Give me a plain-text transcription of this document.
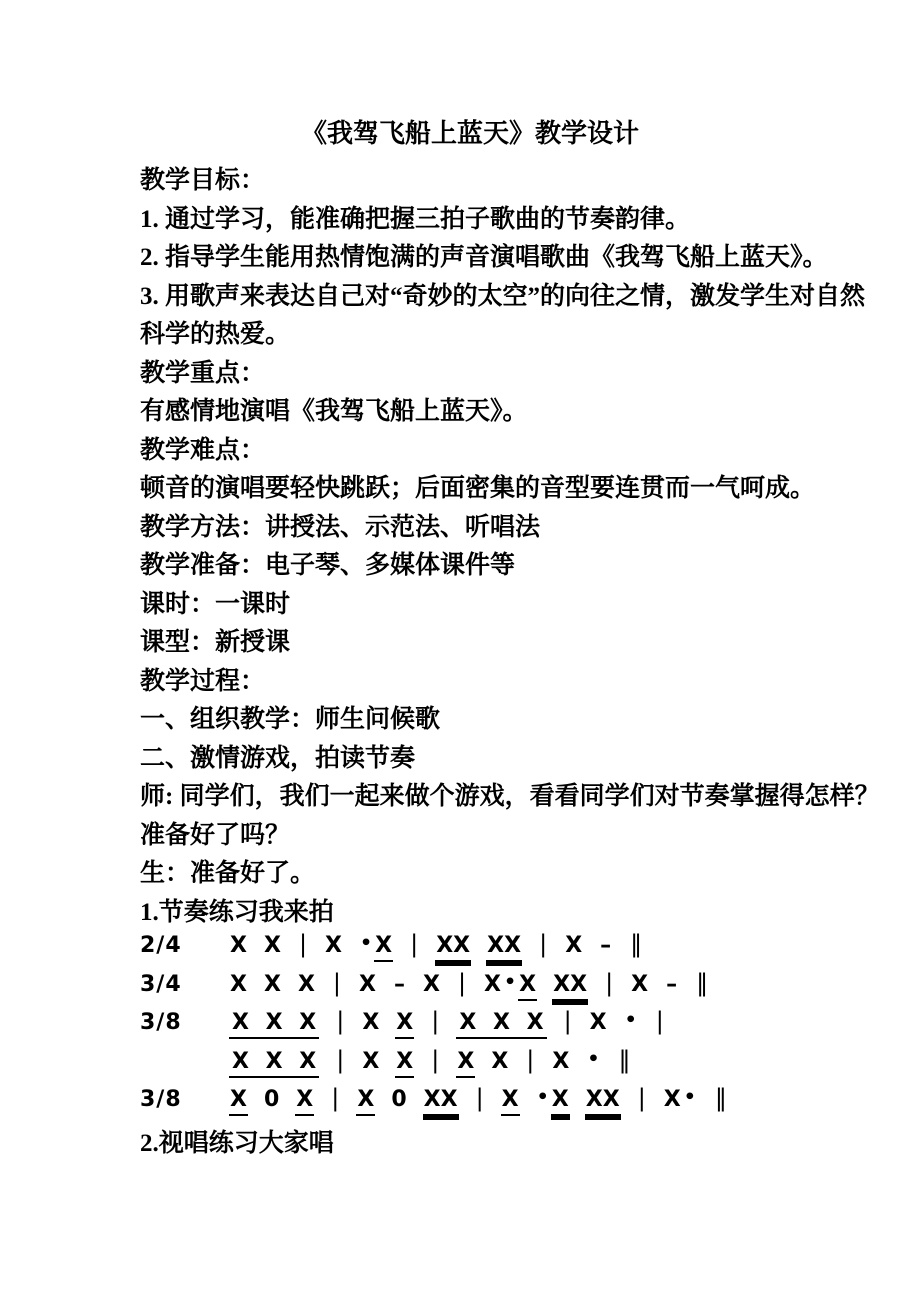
《我驾飞船上蓝天》教学设计
教学目标：
1. 通过学习，能准确把握三拍子歌曲的节奏韵律。
2. 指导学生能用热情饱满的声音演唱歌曲《我驾飞船上蓝天》。
3. 用歌声来表达自己对“奇妙的太空”的向往之情，激发学生对自然
科学的热爱。
教学重点：
有感情地演唱《我驾飞船上蓝天》。
教学难点：
顿音的演唱要轻快跳跃；后面密集的音型要连贯而一气呵成。
教学方法：讲授法、示范法、听唱法
教学准备：电子琴、多媒体课件等
课时：一课时
课型：新授课
教学过程：
一、组织教学：师生问候歌
二、激情游戏，拍读节奏
师: 同学们，我们一起来做个游戏，看看同学们对节奏掌握得怎样？
准备好了吗？
生：准备好了。
1.节奏练习我来拍
2/4	X X | X • X | XX XX | X – ‖
3/4	X X X | X – X | X • X XX | X – ‖
3/8	X X X | X X | X X X | X • |
X X X | X X | X X | X • ‖
3/8	X 0 X | X 0 XX | X • X XX | X • ‖
2.视唱练习大家唱
